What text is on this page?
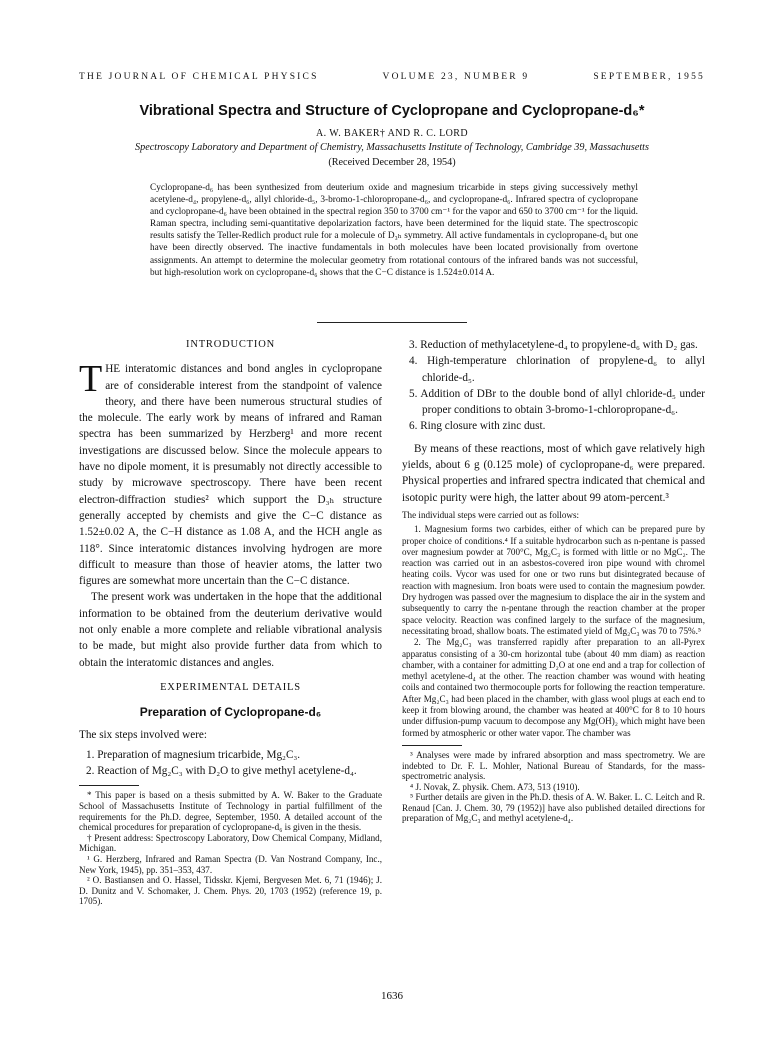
THE JOURNAL OF CHEMICAL PHYSICS	VOLUME 23, NUMBER 9	SEPTEMBER, 1955
Vibrational Spectra and Structure of Cyclopropane and Cyclopropane-d₆*
A. W. BAKER† AND R. C. LORD
Spectroscopy Laboratory and Department of Chemistry, Massachusetts Institute of Technology, Cambridge 39, Massachusetts
(Received December 28, 1954)
Cyclopropane-d₆ has been synthesized from deuterium oxide and magnesium tricarbide in steps giving successively methyl acetylene-d₄, propylene-d₆, allyl chloride-d₅, 3-bromo-1-chloropropane-d₆, and cyclopropane-d₆. Infrared spectra of cyclopropane and cyclopropane-d₆ have been obtained in the spectral region 350 to 3700 cm⁻¹ for the vapor and 650 to 3700 cm⁻¹ for the liquid. Raman spectra, including semi-quantitative depolarization factors, have been determined for the liquid state. The spectroscopic results satisfy the Teller-Redlich product rule for a molecule of D₃ₕ symmetry. All active fundamentals in cyclopropane-d₆ but one have been directly observed. The inactive fundamentals in both molecules have been located provisionally from overtone assignments. An attempt to determine the molecular geometry from rotational contours of the infrared bands was not successful, but high-resolution work on cyclopropane-d₆ shows that the C−C distance is 1.524±0.014 A.
INTRODUCTION

THE interatomic distances and bond angles in cyclopropane are of considerable interest from the standpoint of valence theory, and there have been numerous structural studies of the molecule. The early work by means of infrared and Raman spectra has been summarized by Herzberg¹ and more recent investigations are discussed below. Since the molecule appears to have no dipole moment, it is presumably not directly accessible to study by microwave spectroscopy. There have been recent electron-diffraction studies² which support the D₃ₕ structure generally accepted by chemists and give the C−C distance as 1.52±0.02 A, the C−H distance as 1.08 A, and the HCH angle as 118°. Since interatomic distances involving hydrogen are more difficult to measure than those of heavier atoms, the latter two figures are somewhat more uncertain than the C−C distance.

The present work was undertaken in the hope that the additional information to be obtained from the deuterium derivative would not only enable a more complete and reliable vibrational analysis to be made, but might also provide further data from which to obtain the interatomic distances and angles.

EXPERIMENTAL DETAILS
Preparation of Cyclopropane-d₆

The six steps involved were:

1. Preparation of magnesium tricarbide, Mg₂C₃.
2. Reaction of Mg₂C₃ with D₂O to give methyl acetylene-d₄.

* This paper is based on a thesis submitted by A. W. Baker to the Graduate School of Massachusetts Institute of Technology in partial fulfillment of the requirements for the Ph.D. degree, September, 1950. A detailed account of the chemical procedures for preparation of cyclopropane-d₆ is given in the thesis.

† Present address: Spectroscopy Laboratory, Dow Chemical Company, Midland, Michigan.

¹ G. Herzberg, Infrared and Raman Spectra (D. Van Nostrand Company, Inc., New York, 1945), pp. 351–353, 437.

² O. Bastiansen and O. Hassel, Tidsskr. Kjemi, Bergvesen Met. 6, 71 (1946); J. D. Dunitz and V. Schomaker, J. Chem. Phys. 20, 1703 (1952) (reference 19, p. 1705).

3. Reduction of methylacetylene-d₄ to propylene-d₆ with D₂ gas.
4. High-temperature chlorination of propylene-d₆ to allyl chloride-d₅.
5. Addition of DBr to the double bond of allyl chloride-d₅ under proper conditions to obtain 3-bromo-1-chloropropane-d₆.
6. Ring closure with zinc dust.

By means of these reactions, most of which gave relatively high yields, about 6 g (0.125 mole) of cyclopropane-d₆ were prepared. Physical properties and infrared spectra indicated that chemical and isotopic purity were high, the latter about 99 atom-percent.³

The individual steps were carried out as follows:

1. Magnesium forms two carbides, either of which can be prepared pure by proper choice of conditions.⁴ If a suitable hydrocarbon such as n-pentane is passed over magnesium powder at 700°C, Mg₂C₃ is formed with little or no MgC₂. The reaction was carried out in an asbestos-covered iron pipe wound with chromel heating coils. Vycor was used for one or two runs but disintegrated because of reaction with magnesium. Iron boats were used to contain the magnesium powder. Dry hydrogen was passed over the magnesium to displace the air in the system and subsequently to carry the n-pentane through the reaction chamber at the proper space velocity. Reaction was confined largely to the surface of the magnesium, necessitating broad, shallow boats. The estimated yield of Mg₂C₃ was 70 to 75%.⁵

2. The Mg₂C₃ was transferred rapidly after preparation to an all-Pyrex apparatus consisting of a 30-cm horizontal tube (about 40 mm diam) as reaction chamber, with a container for admitting D₂O at one end and a trap for collection of methyl acetylene-d₄ at the other. The reaction chamber was wound with heating coils and contained two thermocouple ports for following the reaction temperature. After Mg₂C₃ had been placed in the chamber, with glass wool plugs at each end to keep it from blowing around, the chamber was heated at 400°C for 8 to 10 hours under diffusion-pump vacuum to decompose any Mg(OH)₂ which might have been formed by atmospheric or other water vapor. The chamber was

³ Analyses were made by infrared absorption and mass spectrometry. We are indebted to Dr. F. L. Mohler, National Bureau of Standards, for the mass-spectrometric analysis.

⁴ J. Novak, Z. physik. Chem. A73, 513 (1910).

⁵ Further details are given in the Ph.D. thesis of A. W. Baker. L. C. Leitch and R. Renaud [Can. J. Chem. 30, 79 (1952)] have also published detailed directions for preparation of Mg₂C₃ and methyl acetylene-d₄.

1636
